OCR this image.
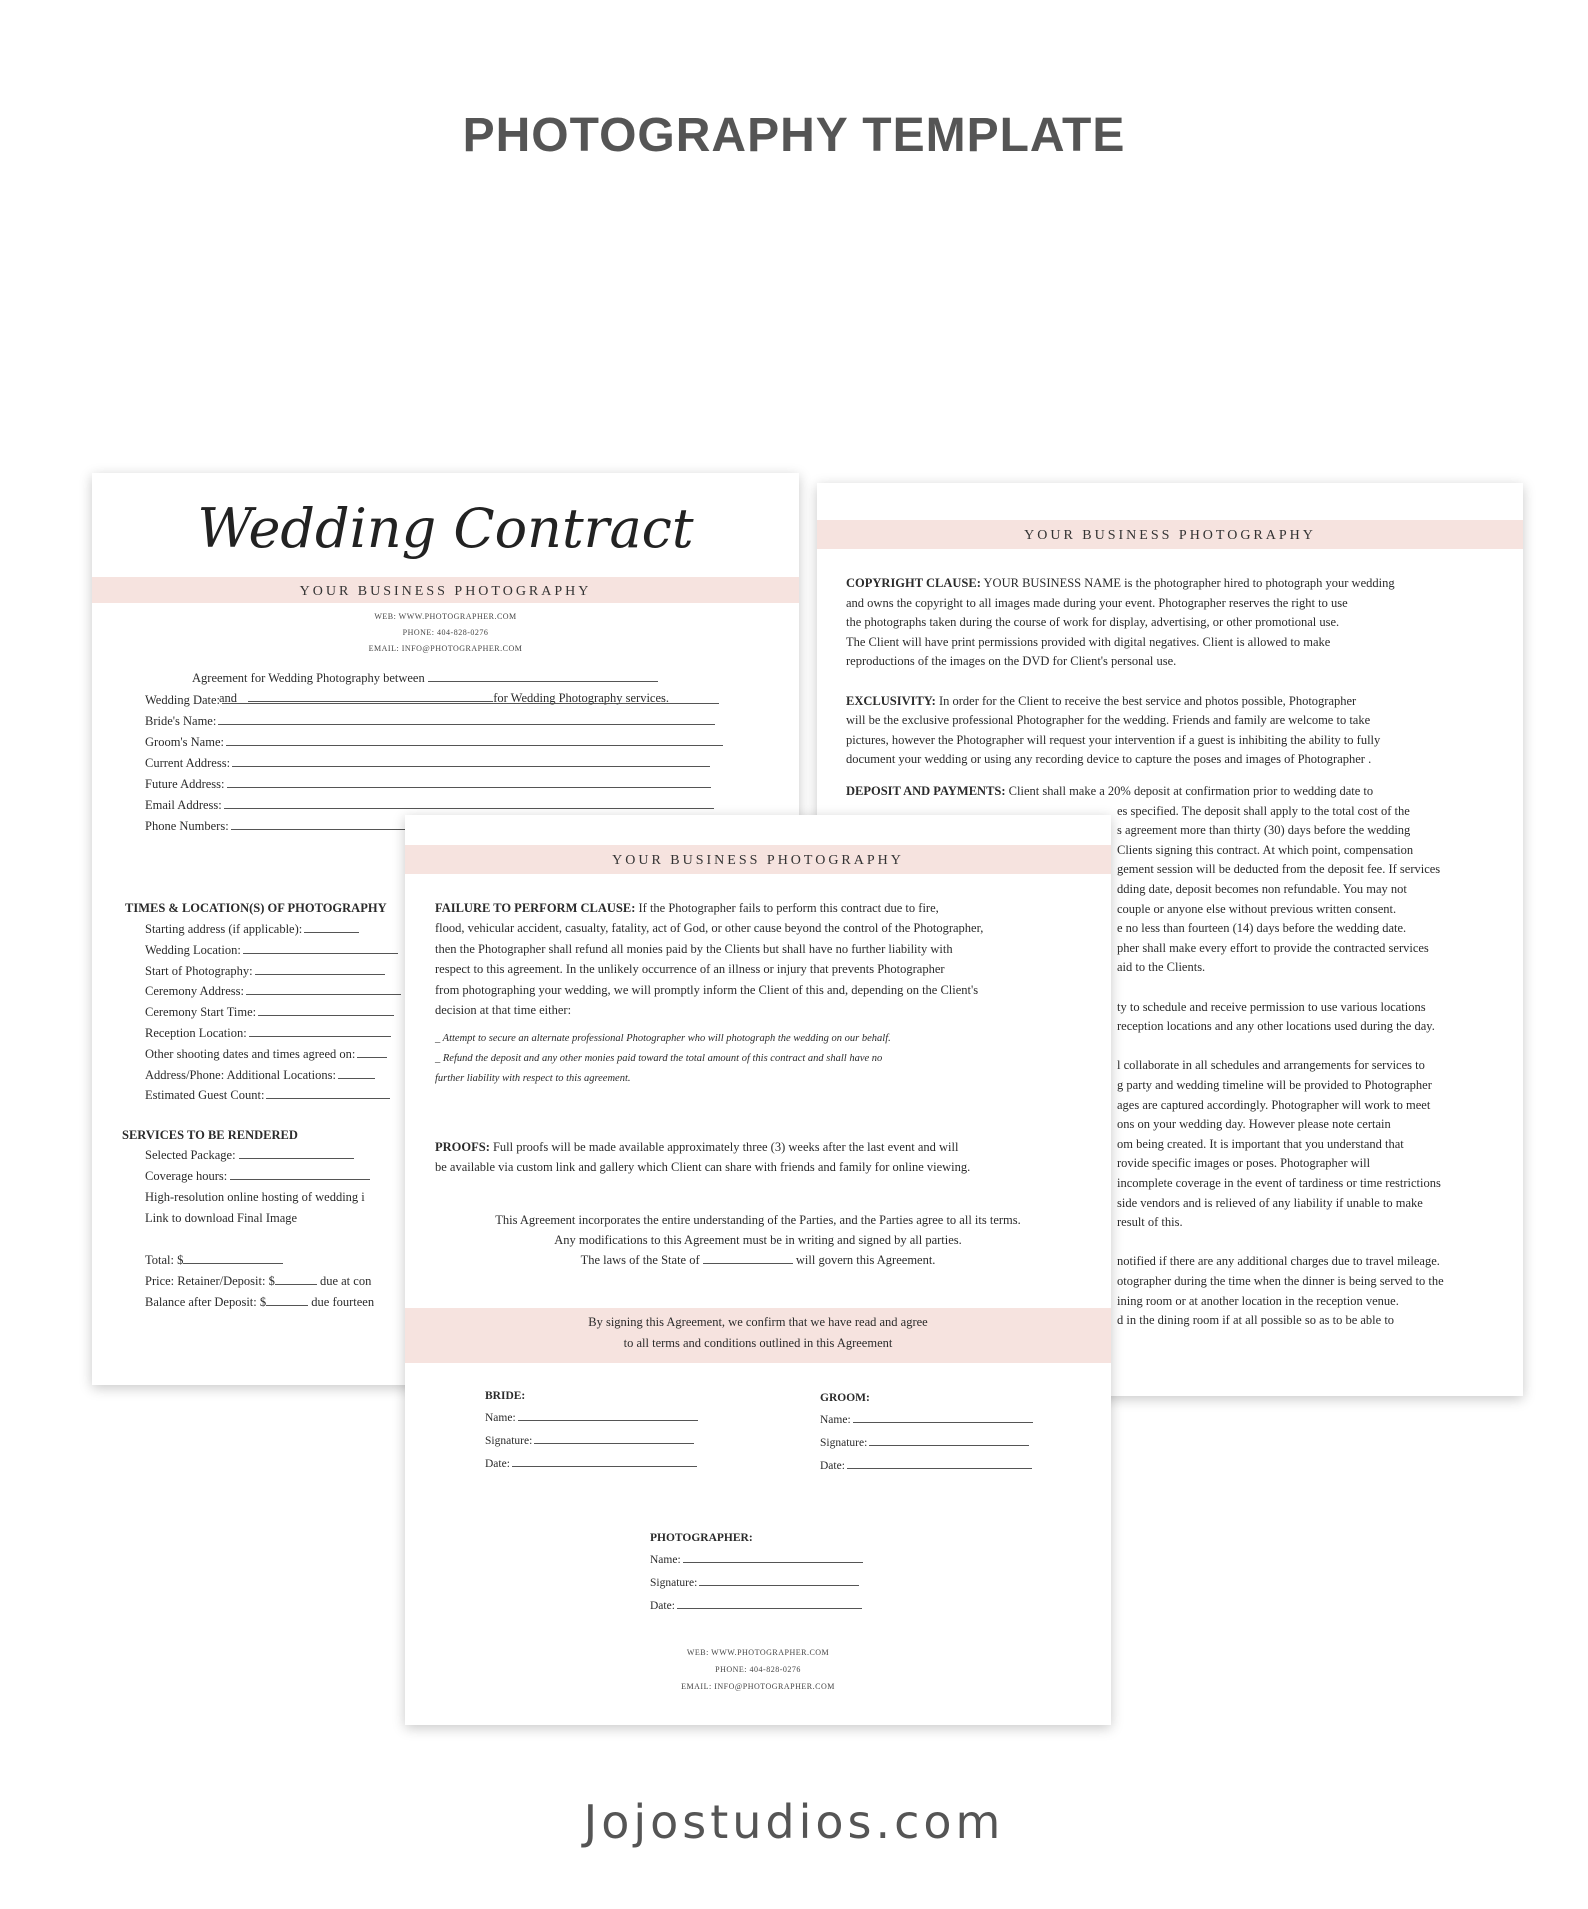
PHOTOGRAPHY TEMPLATE
Wedding Contract
YOUR BUSINESS PHOTOGRAPHY
WEB: WWW.PHOTOGRAPHER.COM
PHONE: 404-828-0276
EMAIL: INFO@PHOTOGRAPHER.COM
Agreement for Wedding Photography between
and	for Wedding Photography services.
Wedding Date:
Bride's Name:
Groom's Name:
Current Address:
Future Address:
Email Address:
Phone Numbers:
TIMES & LOCATION(S) OF PHOTOGRAPHY
Starting address (if applicable):
Wedding Location:
Start of Photography:
Ceremony Address:
Ceremony Start Time:
Reception Location:
Other shooting dates and times agreed on:
Address/Phone: Additional Locations:
Estimated Guest Count:
SERVICES TO BE RENDERED
Selected Package:
Coverage hours:
High-resolution online hosting of wedding i
Link to download Final Image
Total: $
Price: Retainer/Deposit: $	due at con
Balance after Deposit: $	due fourteen
YOUR BUSINESS PHOTOGRAPHY
COPYRIGHT CLAUSE: YOUR BUSINESS NAME is the photographer hired to photograph your wedding
and owns the copyright to all images made during your event. Photographer reserves the right to use
the photographs taken during the course of work for display, advertising, or other promotional use.
The Client will have print permissions provided with digital negatives. Client is allowed to make
reproductions of the images on the DVD for Client's personal use.
EXCLUSIVITY: In order for the Client to receive the best service and photos possible, Photographer
will be the exclusive professional Photographer for the wedding. Friends and family are welcome to take
pictures, however the Photographer will request your intervention if a guest is inhibiting the ability to fully
document your wedding or using any recording device to capture the poses and images of Photographer .
DEPOSIT AND PAYMENTS: Client shall make a 20% deposit at confirmation prior to wedding date to
es specified. The deposit shall apply to the total cost of the
s agreement more than thirty (30) days before the wedding
Clients signing this contract. At which point, compensation
gement session will be deducted from the deposit fee. If services
dding date, deposit becomes non refundable. You may not
couple or anyone else without previous written consent.
e no less than fourteen (14) days before the wedding date.
pher shall make every effort to provide the contracted services
aid to the Clients.
ty to schedule and receive permission to use various locations
reception locations and any other locations used during the day.
l collaborate in all schedules and arrangements for services to
g party and wedding timeline will be provided to Photographer
ages are captured accordingly. Photographer will work to meet
ons on your wedding day. However please note certain
om being created. It is important that you understand that
rovide specific images or poses. Photographer will
incomplete coverage in the event of tardiness or time restrictions
side vendors and is relieved of any liability if unable to make
result of this.
notified if there are any additional charges due to travel mileage.
otographer during the time when the dinner is being served to the
ining room or at another location in the reception venue.
d in the dining room if at all possible so as to be able to
YOUR BUSINESS PHOTOGRAPHY
FAILURE TO PERFORM CLAUSE: If the Photographer fails to perform this contract due to fire,
flood, vehicular accident, casualty, fatality, act of God, or other cause beyond the control of the Photographer,
then the Photographer shall refund all monies paid by the Clients but shall have no further liability with
respect to this agreement. In the unlikely occurrence of an illness or injury that prevents Photographer
from photographing your wedding, we will promptly inform the Client of this and, depending on the Client's
decision at that time either:
_ Attempt to secure an alternate professional Photographer who will photograph the wedding on our behalf.
_ Refund the deposit and any other monies paid toward the total amount of this contract and shall have no
further liability with respect to this agreement.
PROOFS: Full proofs will be made available approximately three (3) weeks after the last event and will
be available via custom link and gallery which Client can share with friends and family for online viewing.
This Agreement incorporates the entire understanding of the Parties, and the Parties agree to all its terms.
Any modifications to this Agreement must be in writing and signed by all parties.
The laws of the State of	will govern this Agreement.
By signing this Agreement, we confirm that we have read and agree
to all terms and conditions outlined in this Agreement
BRIDE:
Name:
Signature:
Date:
GROOM:
Name:
Signature:
Date:
PHOTOGRAPHER:
Name:
Signature:
Date:
WEB: WWW.PHOTOGRAPHER.COM
PHONE: 404-828-0276
EMAIL: INFO@PHOTOGRAPHER.COM
Jojostudios.com
